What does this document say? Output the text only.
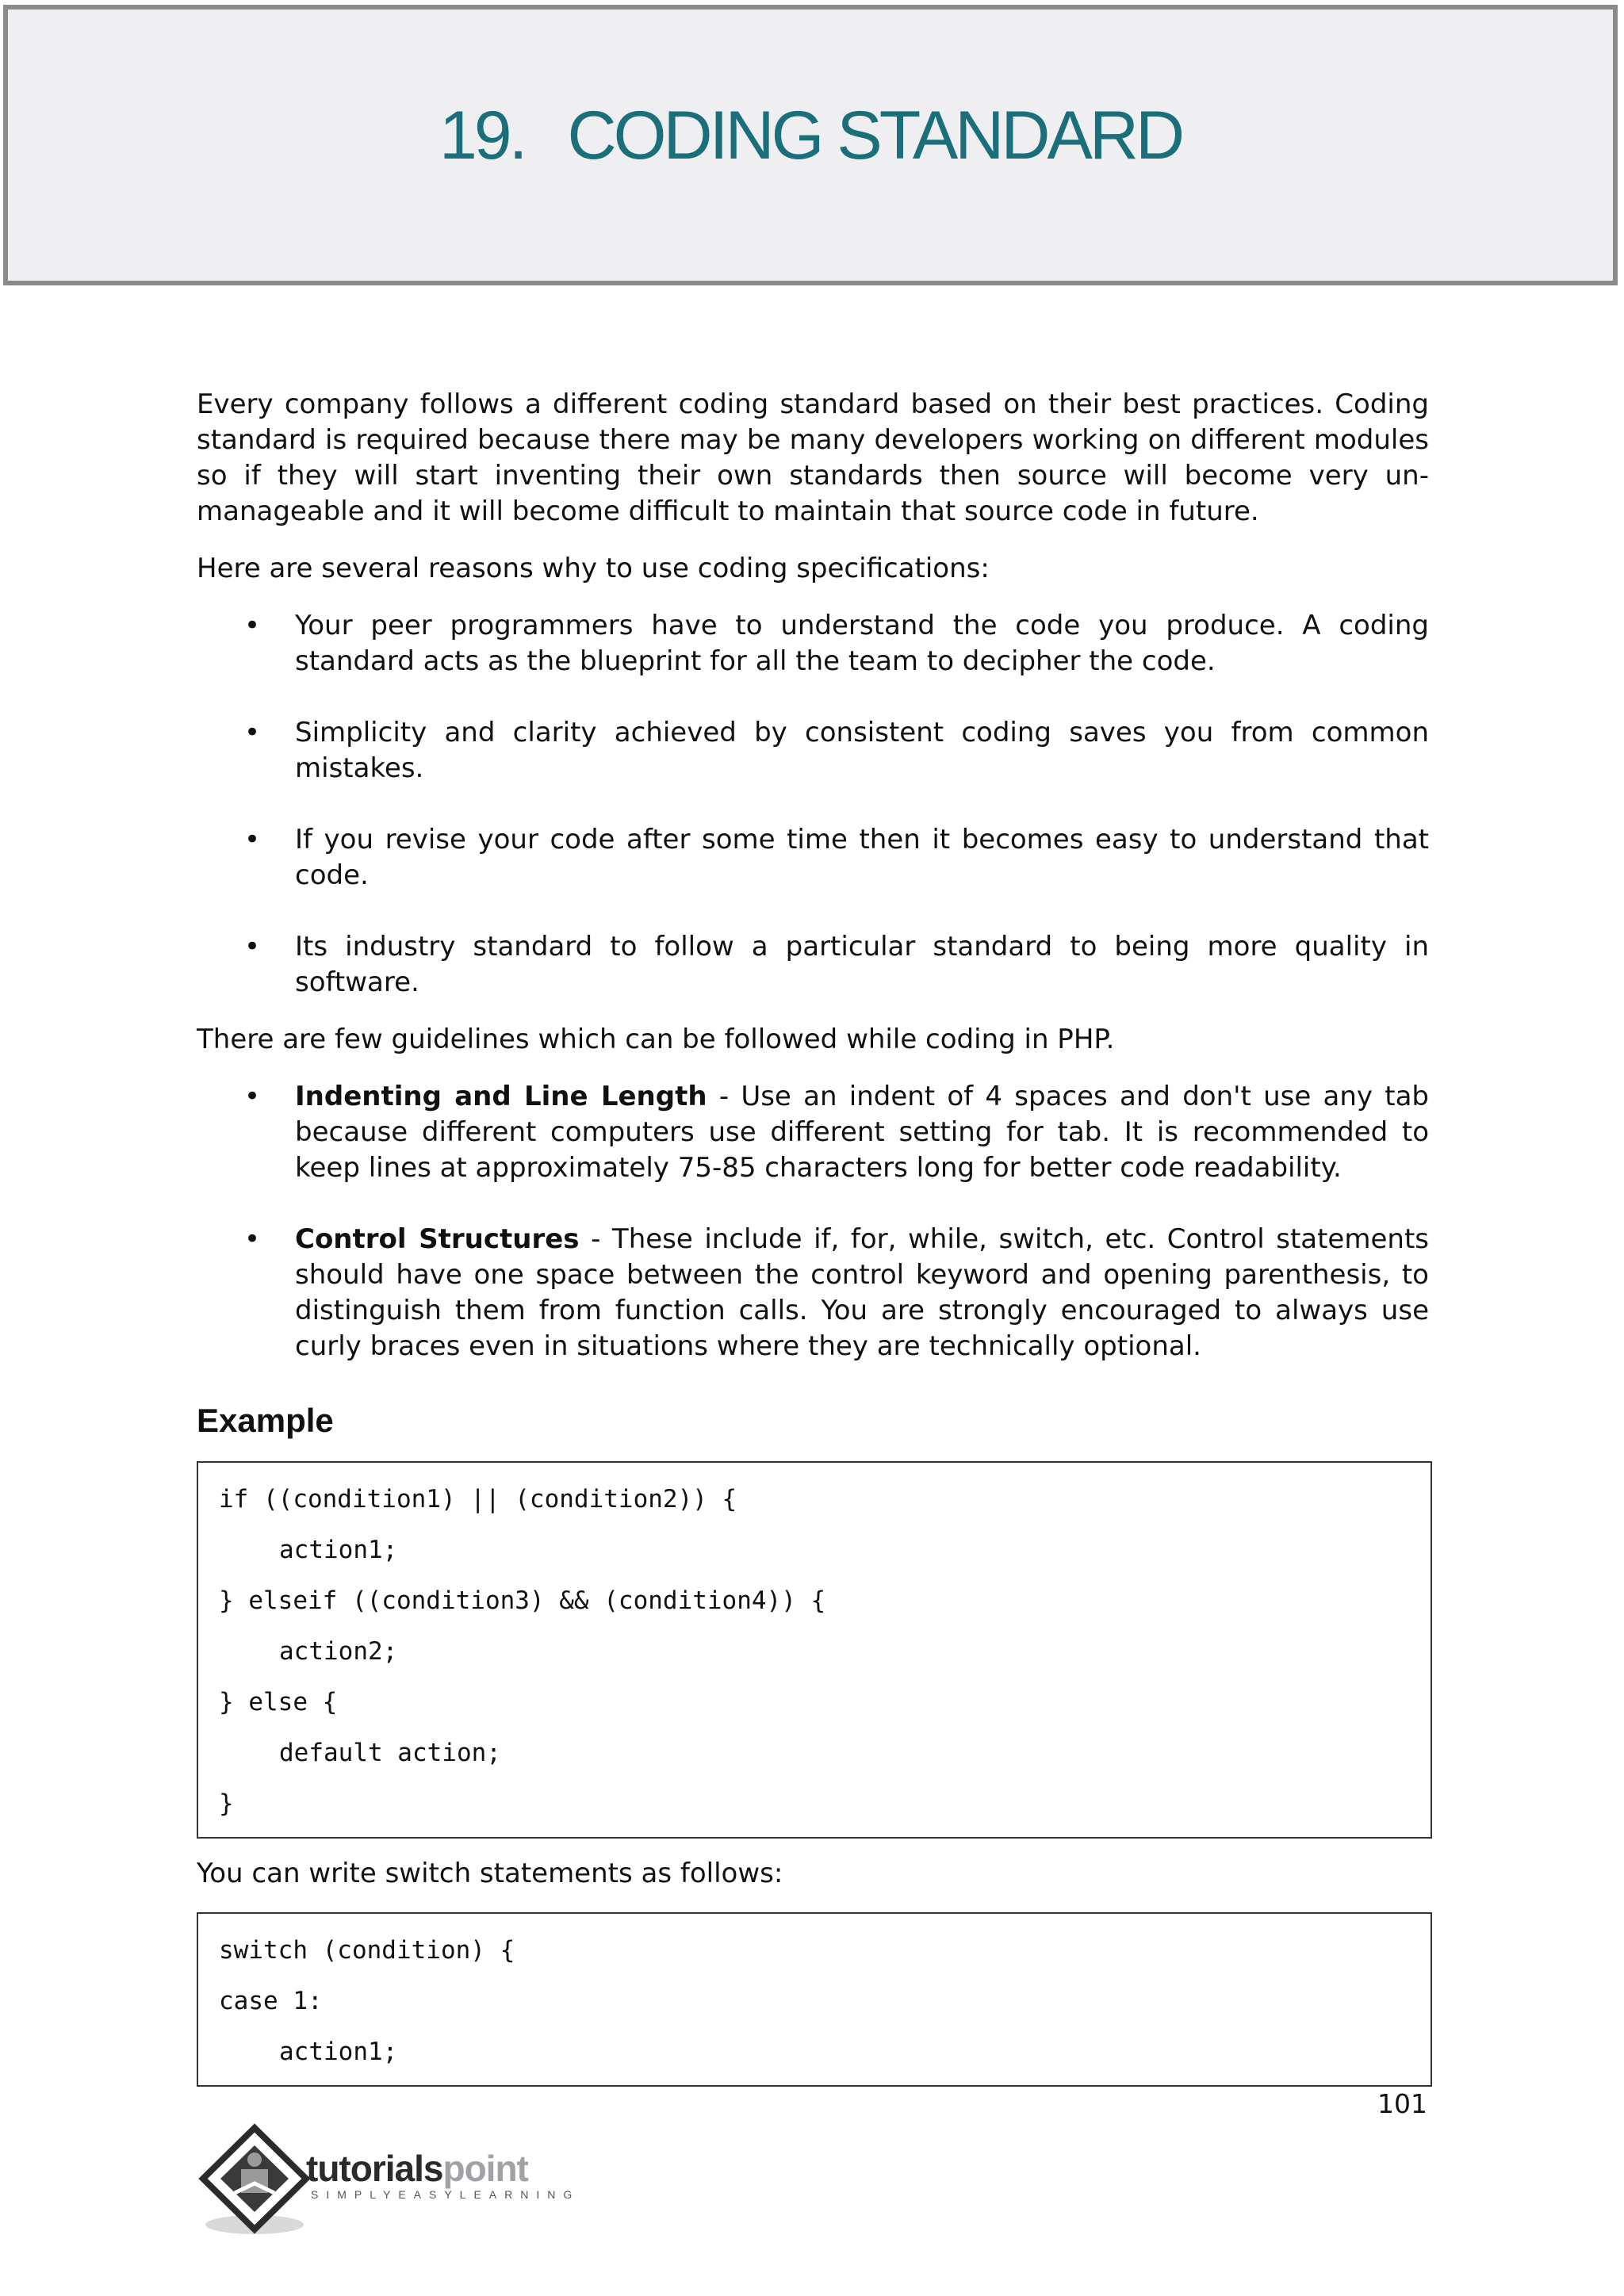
19. CODING STANDARD

Every company follows a different coding standard based on their best practices. Coding standard is required because there may be many developers working on different modules so if they will start inventing their own standards then source will become very un-manageable and it will become difficult to maintain that source code in future.

Here are several reasons why to use coding specifications:

• Your peer programmers have to understand the code you produce. A coding standard acts as the blueprint for all the team to decipher the code.
• Simplicity and clarity achieved by consistent coding saves you from common mistakes.
• If you revise your code after some time then it becomes easy to understand that code.
• Its industry standard to follow a particular standard to being more quality in software.

There are few guidelines which can be followed while coding in PHP.

• Indenting and Line Length - Use an indent of 4 spaces and don't use any tab because different computers use different setting for tab. It is recommended to keep lines at approximately 75-85 characters long for better code readability.
• Control Structures - These include if, for, while, switch, etc. Control statements should have one space between the control keyword and opening parenthesis, to distinguish them from function calls. You are strongly encouraged to always use curly braces even in situations where they are technically optional.
Example
if ((condition1) || (condition2)) {
action1;
} elseif ((condition3) && (condition4)) {
action2;
} else {
default action;
}

You can write switch statements as follows:

switch (condition) {
case 1:
action1;
101
tutorialspoint
SIMPLYEASYLEARNING
